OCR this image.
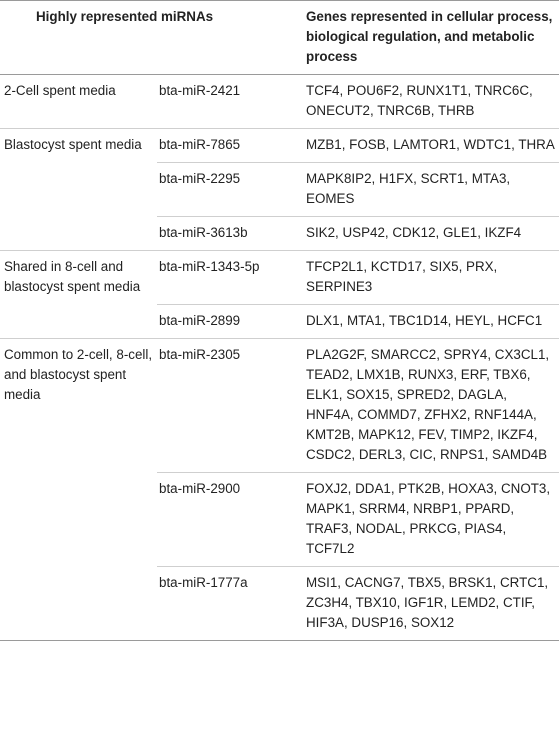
Highly represented miRNAs		Genes represented in cellular process, biological regulation, and metabolic process
2-Cell spent media	bta-miR-2421	TCF4, POU6F2, RUNX1T1, TNRC6C, ONECUT2, TNRC6B, THRB
Blastocyst spent media	bta-miR-7865	MZB1, FOSB, LAMTOR1, WDTC1, THRA
	bta-miR-2295	MAPK8IP2, H1FX, SCRT1, MTA3, EOMES
	bta-miR-3613b	SIK2, USP42, CDK12, GLE1, IKZF4
Shared in 8-cell and blastocyst spent media	bta-miR-1343-5p	TFCP2L1, KCTD17, SIX5, PRX, SERPINE3
	bta-miR-2899	DLX1, MTA1, TBC1D14, HEYL, HCFC1
Common to 2-cell, 8-cell, and blastocyst spent media	bta-miR-2305	PLA2G2F, SMARCC2, SPRY4, CX3CL1, TEAD2, LMX1B, RUNX3, ERF, TBX6, ELK1, SOX15, SPRED2, DAGLA, HNF4A, COMMD7, ZFHX2, RNF144A, KMT2B, MAPK12, FEV, TIMP2, IKZF4, CSDC2, DERL3, CIC, RNPS1, SAMD4B
	bta-miR-2900	FOXJ2, DDA1, PTK2B, HOXA3, CNOT3, MAPK1, SRRM4, NRBP1, PPARD, TRAF3, NODAL, PRKCG, PIAS4, TCF7L2
	bta-miR-1777a	MSI1, CACNG7, TBX5, BRSK1, CRTC1, ZC3H4, TBX10, IGF1R, LEMD2, CTIF, HIF3A, DUSP16, SOX12
